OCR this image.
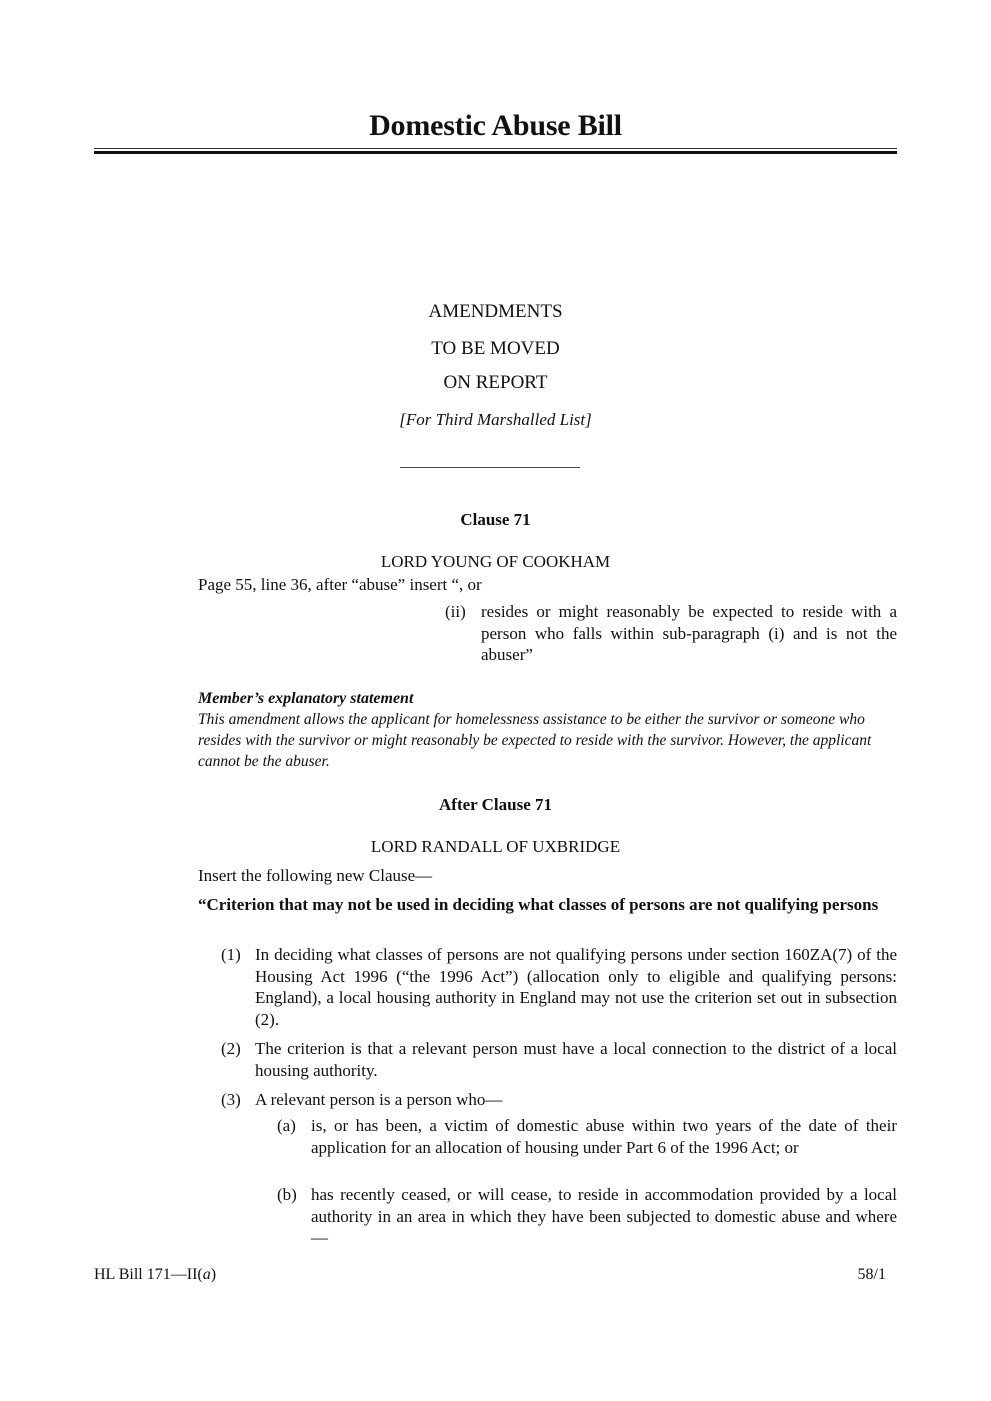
Domestic Abuse Bill
AMENDMENTS
TO BE MOVED
ON REPORT
[For Third Marshalled List]
Clause 71
LORD YOUNG OF COOKHAM
Page 55, line 36, after “abuse” insert “, or
(ii) resides or might reasonably be expected to reside with a person who falls within sub-paragraph (i) and is not the abuser”
Member’s explanatory statement
This amendment allows the applicant for homelessness assistance to be either the survivor or someone who resides with the survivor or might reasonably be expected to reside with the survivor. However, the applicant cannot be the abuser.
After Clause 71
LORD RANDALL OF UXBRIDGE
Insert the following new Clause—
“Criterion that may not be used in deciding what classes of persons are not qualifying persons
(1) In deciding what classes of persons are not qualifying persons under section 160ZA(7) of the Housing Act 1996 (“the 1996 Act”) (allocation only to eligible and qualifying persons: England), a local housing authority in England may not use the criterion set out in subsection (2).
(2) The criterion is that a relevant person must have a local connection to the district of a local housing authority.
(3) A relevant person is a person who—
(a) is, or has been, a victim of domestic abuse within two years of the date of their application for an allocation of housing under Part 6 of the 1996 Act; or
(b) has recently ceased, or will cease, to reside in accommodation provided by a local authority in an area in which they have been subjected to domestic abuse and where—
HL Bill 171—II(a)	58/1
